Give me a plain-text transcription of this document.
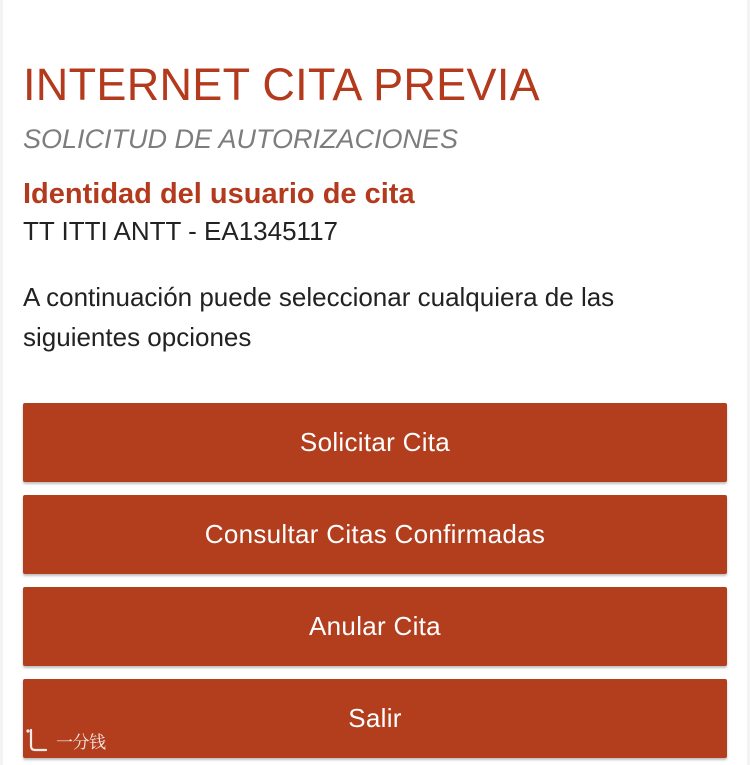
INTERNET CITA PREVIA
SOLICITUD DE AUTORIZACIONES
Identidad del usuario de cita

TT ITTI ANTT - EA1345117

A continuación puede seleccionar cualquiera de las siguientes opciones

Solicitar Cita
Consultar Citas Confirmadas
Anular Cita
Salir
一分钱
